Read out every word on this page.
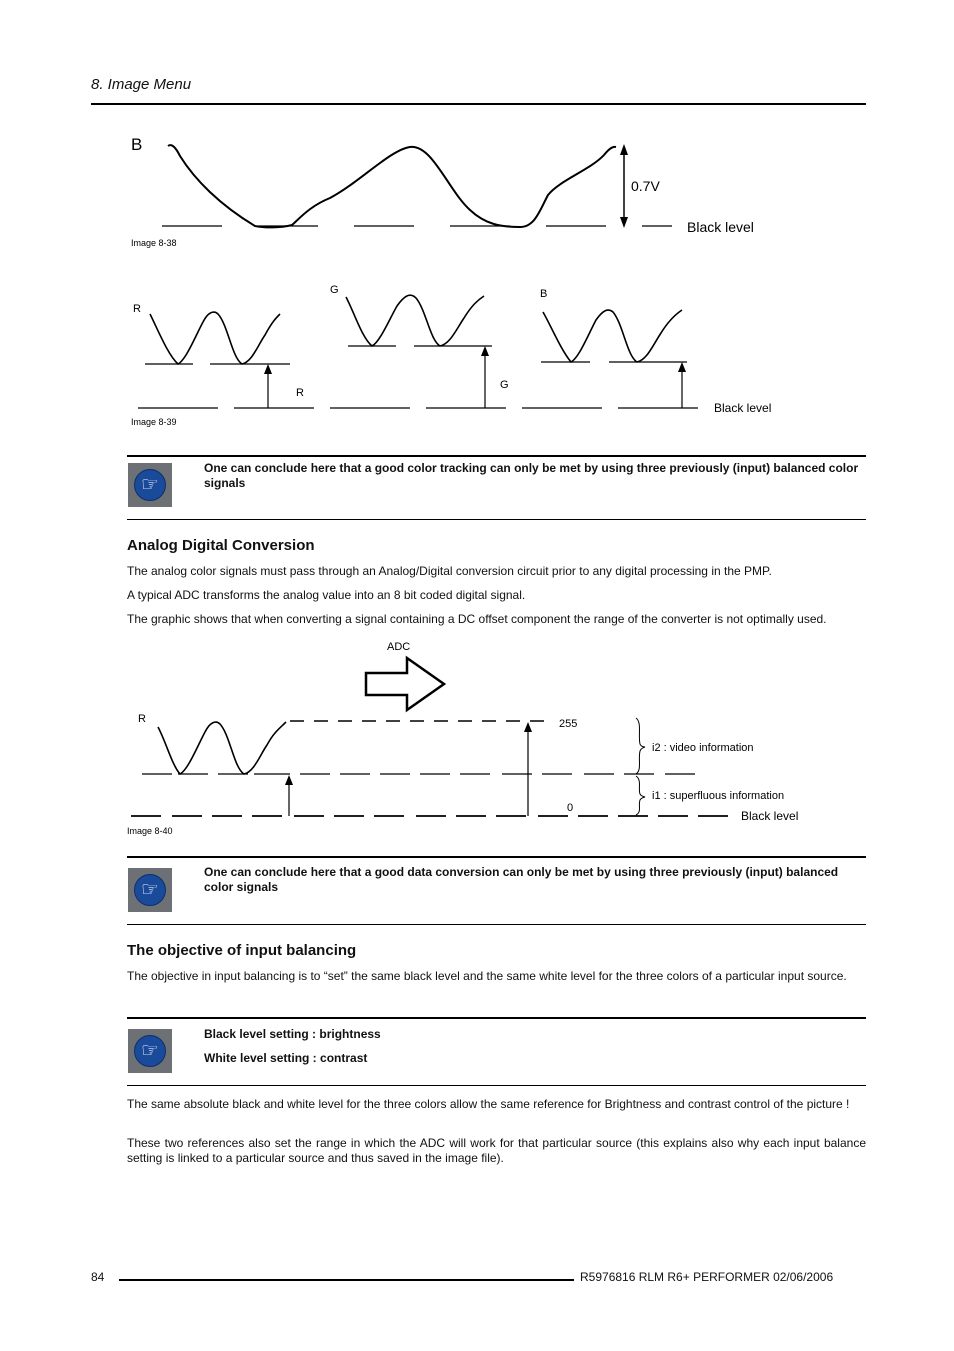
8. Image Menu
B
0.7V
Black level
Image 8-38
R
G	B
R
G
Black level
Image 8-39
☞
One can conclude here that a good color tracking can only be met by using three previously (input) balanced color signals
Analog Digital Conversion
The analog color signals must pass through an Analog/Digital conversion circuit prior to any digital processing in the PMP.
A typical ADC transforms the analog value into an 8 bit coded digital signal.
The graphic shows that when converting a signal containing a DC offset component the range of the converter is not optimally used.
ADC
R	255
0
i2 : video information
i1 : superfluous information
Black level
Image 8-40
☞
One can conclude here that a good data conversion can only be met by using three previously (input) balanced color signals
The objective of input balancing
The objective in input balancing is to “set” the same black level and the same white level for the three colors of a particular input source.
☞
Black level setting : brightness
White level setting : contrast
The same absolute black and white level for the three colors allow the same reference for Brightness and contrast control of the picture !
These two references also set the range in which the ADC will work for that particular source (this explains also why each input balance setting is linked to a particular source and thus saved in the image file).
84	R5976816 RLM R6+ PERFORMER 02/06/2006
